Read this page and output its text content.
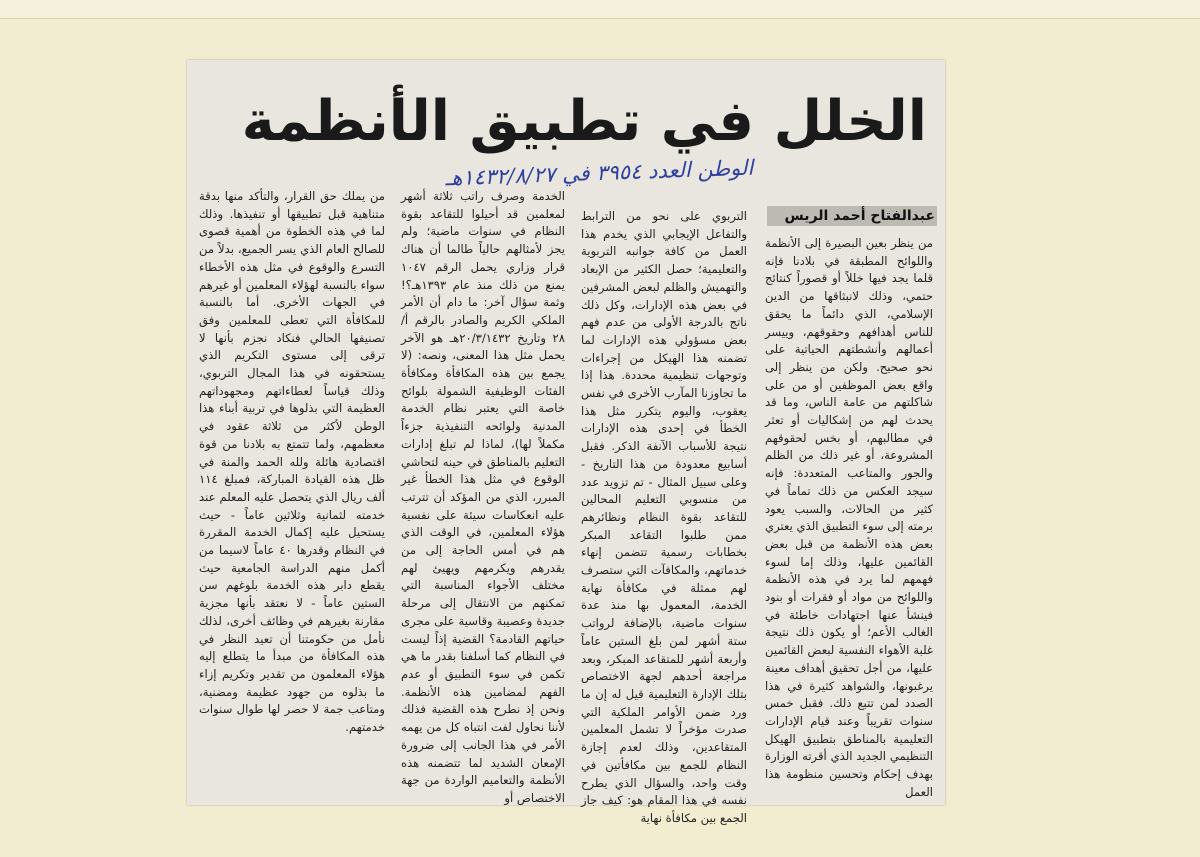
الخلل في تطبيق الأنظمة
الوطن العدد ٣٩٥٤ في ١٤٣٢/٨/٢٧هـ
عبدالفتاح أحمد الريس

من ينظر بعين البصيرة إلى الأنظمة واللوائح المطبقة في بلادنا فإنه قلما يجد فيها خللاً أو قصوراً كنتائج حتمي، وذلك لانبثاقها من الدين الإسلامي، الذي دائماً ما يحقق للناس أهدافهم وحقوقهم، وييسر أعمالهم وأنشطتهم الحياتية على نحو صحيح. ولكن من ينظر إلى واقع بعض الموظفين أو من على شاكلتهم من عامة الناس، وما قد يحدث لهم من إشكاليات أو تعثر في مطالبهم، أو بخس لحقوقهم المشروعة، أو غير ذلك من الظلم والجور والمتاعب المتعددة: فإنه سيجد العكس من ذلك تماماً في كثير من الحالات، والسبب يعود برمته إلى سوء التطبيق الذي يعتري بعض هذه الأنظمة من قبل بعض القائمين عليها، وذلك إما لسوء فهمهم لما يرد في هذه الأنظمة واللوائح من مواد أو فقرات أو بنود فينشأ عنها اجتهادات خاطئة في الغالب الأعم؛ أو يكون ذلك نتيجة غلبة الأهواء النفسية لبعض القائمين عليها، من أجل تحقيق أهداف معينة يرغبونها، والشواهد كثيرة في هذا الصدد لمن تتبع ذلك. فقبل خمس سنوات تقريباً وعند قيام الإدارات التعليمية بالمناطق بتطبيق الهيكل التنظيمي الجديد الذي أقرته الوزارة بهدف إحكام وتحسين منظومة هذا العمل

التربوي على نحو من الترابط والتفاعل الإيجابي الذي يخدم هذا العمل من كافة جوانبه التربوية والتعليمية؛ حصل الكثير من الإبعاد والتهميش والظلم لبعض المشرفين في بعض هذه الإدارات، وكل ذلك ناتج بالدرجة الأولى من عدم فهم بعض مسؤولي هذه الإدارات لما تضمنه هذا الهيكل من إجراءات وتوجهات تنظيمية محددة. هذا إذا ما تجاوزنا المآرب الأخرى في نفس يعقوب، واليوم يتكرر مثل هذا الخطأ في إحدى هذه الإدارات نتيجة للأسباب الآنفة الذكر. فقبل أسابيع معدودة من هذا التاريخ - وعلى سبيل المثال - تم تزويد عدد من منسوبي التعليم المحالين للتقاعد بقوة النظام ونظائرهم ممن طلبوا التقاعد المبكر بخطابات رسمية تتضمن إنهاء خدماتهم، والمكافآت التي ستصرف لهم ممثلة في مكافأة نهاية الخدمة، المعمول بها منذ عدة سنوات ماضية، بالإضافة لرواتب ستة أشهر لمن بلغ الستين عاماً وأربعة أشهر للمتقاعد المبكر، وبعد مراجعة أحدهم لجهة الاختصاص بتلك الإدارة التعليمية قيل له إن ما ورد ضمن الأوامر الملكية التي صدرت مؤخراً لا تشمل المعلمين المتقاعدين، وذلك لعدم إجازة النظام للجمع بين مكافأتين في وقت واحد، والسؤال الذي يطرح نفسه في هذا المقام هو: كيف جاز الجمع بين مكافأة نهاية

الخدمة وصرف راتب ثلاثة أشهر لمعلمين قد أحيلوا للتقاعد بقوة النظام في سنوات ماضية؛ ولم يجز لأمثالهم حالياً طالما أن هناك قرار وزاري يحمل الرقم ١٠٤٧ يمنع من ذلك منذ عام ١٣٩٣هـ؟! وثمة سؤال آخر: ما دام أن الأمر الملكي الكريم والصادر بالرقم أ/٢٨ وتاريخ ٢٠/٣/١٤٣٢هـ هو الآخر يحمل مثل هذا المعنى، ونصه: (لا يجمع بين هذه المكافأة ومكافأة الفئات الوظيفية الشمولة بلوائح خاصة التي يعتبر نظام الخدمة المدنية ولوائحه التنفيذية جزءاً مكملاً لها)، لماذا لم تبلغ إدارات التعليم بالمناطق في حينه لتحاشي الوقوع في مثل هذا الخطأ غير المبرر، الذي من المؤكد أن تترتب عليه انعكاسات سيئة على نفسية هؤلاء المعلمين، في الوقت الذي هم في أمس الحاجة إلى من يقدرهم ويكرمهم ويهيئ لهم مختلف الأجواء المناسبة التي تمكنهم من الانتقال إلى مرحلة جديدة وعصيبة وقاسية على مجرى حياتهم القادمة؟ القضية إذاً ليست في النظام كما أسلفنا بقدر ما هي تكمن في سوء التطبيق أو عدم الفهم لمضامين هذه الأنظمة. ونحن إذ نطرح هذه القضية فذلك لأننا نحاول لفت انتباه كل من يهمه الأمر في هذا الجانب إلى ضرورة الإمعان الشديد لما تتضمنه هذه الأنظمة والتعاميم الواردة من جهة الاختصاص أو

من يملك حق القرار، والتأكد منها بدقة متناهية قبل تطبيقها أو تنفيذها. وذلك لما في هذه الخطوة من أهمية قصوى للصالح العام الذي يسر الجميع، بدلاً من التسرع والوقوع في مثل هذه الأخطاء سواء بالنسبة لهؤلاء المعلمين أو غيرهم في الجهات الأخرى. أما بالنسبة للمكافأة التي تعطى للمعلمين وفق تصنيفها الحالي فنكاد نجزم بأنها لا ترقى إلى مستوى التكريم الذي يستحقونه في هذا المجال التربوي، وذلك قياساً لعطاءاتهم ومجهوداتهم العظيمة التي بذلوها في تربية أبناء هذا الوطن لأكثر من ثلاثة عقود في معظمهم، ولما تتمتع به بلادنا من قوة اقتصادية هائلة ولله الحمد والمنة في ظل هذه القيادة المباركة، فمبلغ ١١٤ ألف ريال الذي يتحصل عليه المعلم عند خدمته لثمانية وثلاثين عاماً - حيث يستحيل عليه إكمال الخدمة المقررة في النظام وقدرها ٤٠ عاماً لاسيما من أكمل منهم الدراسة الجامعية حيث يقطع دابر هذه الخدمة بلوغهم سن الستين عاماً - لا نعتقد بأنها مجزية مقارنة بغيرهم في وظائف أخرى، لذلك نأمل من حكومتنا أن تعيد النظر في هذه المكافأة من مبدأ ما يتطلع إليه هؤلاء المعلمون من تقدير وتكريم إزاء ما بذلوه من جهود عظيمة ومضنية، ومتاعب جمة لا حصر لها طوال سنوات خدمتهم.
